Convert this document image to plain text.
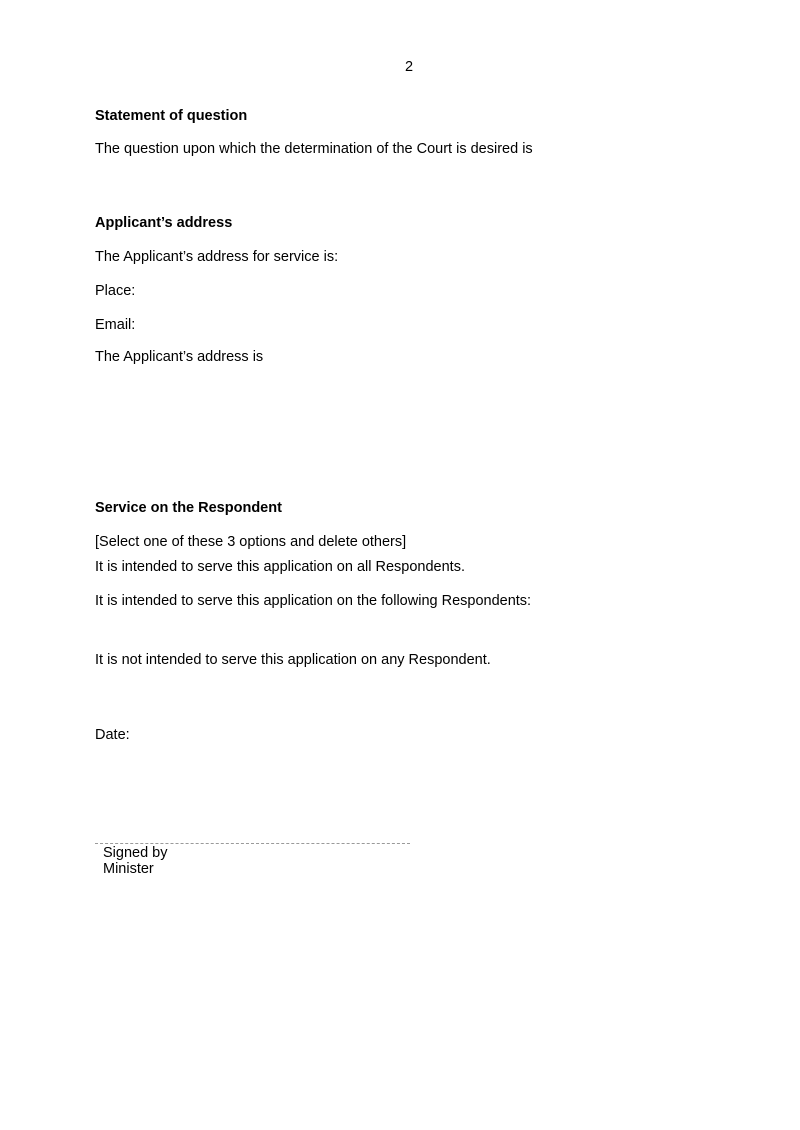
2
Statement of question
The question upon which the determination of the Court is desired is
Applicant’s address
The Applicant’s address for service is:
Place:
Email:
The Applicant’s address is
Service on the Respondent
[Select one of these 3 options and delete others]
It is intended to serve this application on all Respondents.
It is intended to serve this application on the following Respondents:
It is not intended to serve this application on any Respondent.
Date:
Signed by
Minister
